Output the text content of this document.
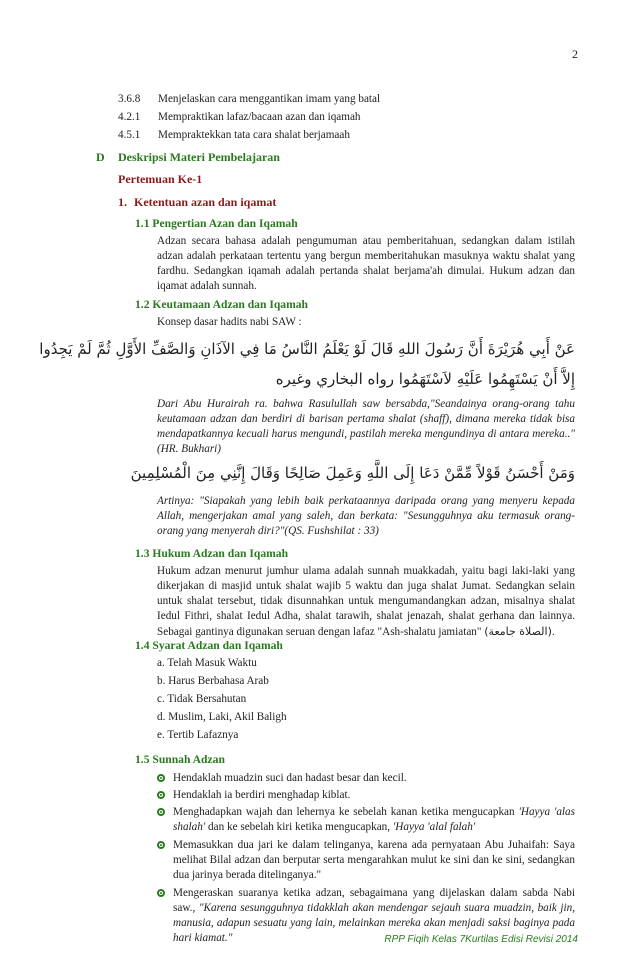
2
3.6.8 Menjelaskan cara menggantikan imam yang batal
4.2.1 Mempraktikan lafaz/bacaan azan dan iqamah
4.5.1 Mempraktekkan tata cara shalat berjamaah
D Deskripsi Materi Pembelajaran
Pertemuan Ke-1
1. Ketentuan azan dan iqamat
1.1 Pengertian Azan dan Iqamah
Adzan secara bahasa adalah pengumuman atau pemberitahuan, sedangkan dalam istilah adzan adalah perkataan tertentu yang bergun memberitahukan masuknya waktu shalat yang fardhu. Sedangkan iqamah adalah pertanda shalat berjama'ah dimulai. Hukum adzan dan iqamat adalah sunnah.
1.2 Keutamaan Adzan dan Iqamah
Konsep dasar hadits nabi SAW :
عَنْ أَبِي هُرَيْرَةَ أَنَّ رَسُولَ اللهِ قَالَ لَوْ يَعْلَمُ النَّاسُ مَا فِي الآذَانِ وَالصَّفِّ الأَوَّلِ ثُمَّ لَمْ يَجِدُوا
إِلاَّ أَنْ يَسْتَهِمُوا عَلَيْهِ لاَسْتَهَمُوا رواه البخاري وغيره
Dari Abu Hurairah ra. bahwa Rasulullah saw bersabda,"Seandainya orang-orang tahu keutamaan adzan dan berdiri di barisan pertama shalat (shaff), dimana mereka tidak bisa mendapatkannya kecuali harus mengundi, pastilah mereka mengundinya di antara mereka.."(HR. Bukhari)
وَمَنْ أَحْسَنُ قَوْلاً مِّمَّنْ دَعَا إِلَى اللَّهِ وَعَمِلَ صَالِحًا وَقَالَ إِنَّنِي مِنَ الْمُسْلِمِينَ
Artinya: "Siapakah yang lebih baik perkataannya daripada orang yang menyeru kepada Allah, mengerjakan amal yang saleh, dan berkata: "Sesungguhnya aku termasuk orang-orang yang menyerah diri?"(QS. Fushshilat : 33)
1.3 Hukum Adzan dan Iqamah
Hukum adzan menurut jumhur ulama adalah sunnah muakkadah, yaitu bagi laki-laki yang dikerjakan di masjid untuk shalat wajib 5 waktu dan juga shalat Jumat. Sedangkan selain untuk shalat tersebut, tidak disunnahkan untuk mengumandangkan adzan, misalnya shalat Iedul Fithri, shalat Iedul Adha, shalat tarawih, shalat jenazah, shalat gerhana dan lainnya. Sebagai gantinya digunakan seruan dengan lafaz "Ash-shalatu jamiatan" (الصلاة جامعة).
1.4 Syarat Adzan dan Iqamah
a. Telah Masuk Waktu
b. Harus Berbahasa Arab
c. Tidak Bersahutan
d. Muslim, Laki, Akil Baligh
e. Tertib Lafaznya
1.5 Sunnah Adzan
Hendaklah muadzin suci dan hadast besar dan kecil.
Hendaklah ia berdiri menghadap kiblat.
Menghadapkan wajah dan lehernya ke sebelah kanan ketika mengucapkan 'Hayya 'alas shalah' dan ke sebelah kiri ketika mengucapkan, 'Hayya 'alal falah'
Memasukkan dua jari ke dalam telinganya, karena ada pernyataan Abu Juhaifah: Saya melihat Bilal adzan dan berputar serta mengarahkan mulut ke sini dan ke sini, sedangkan dua jarinya berada ditelinganya."
Mengeraskan suaranya ketika adzan, sebagaimana yang dijelaskan dalam sabda Nabi saw., "Karena sesungguhnya tidakklah akan mendengar sejauh suara muadzin, baik jin, manusia, adapun sesuatu yang lain, melainkan mereka akan menjadi saksi baginya pada hari kiamat."	RPP Fiqih Kelas 7Kurtilas Edisi Revisi 2014
